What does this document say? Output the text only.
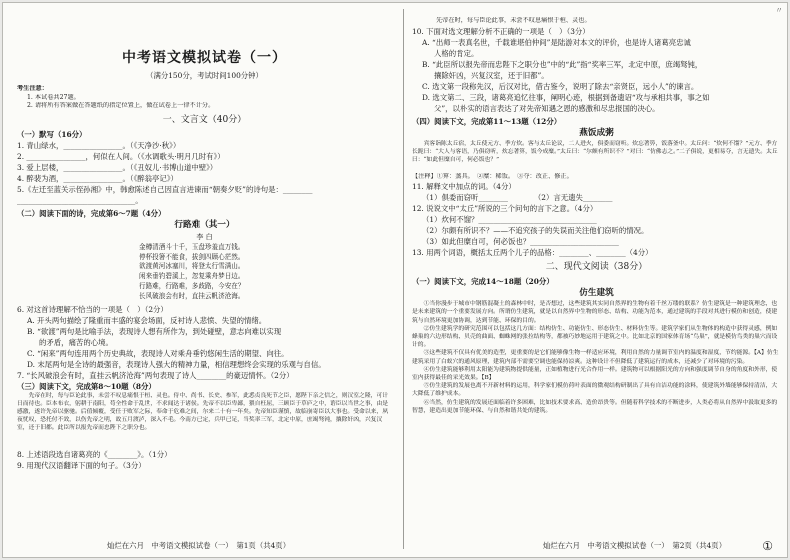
〃
中考语文模拟试卷（一）
（满分150分，考试时间100分钟）
考生注意：
1. 本试卷共27题。
2. 请将所有答案做在答题纸的指定位置上，做在试卷上一律不计分。
一、文言文（40分）
（一）默写（16分）
1. 青山绿水，________________。（《天净沙·秋》）
2. ________________，何似在人间。（《水调歌头·明月几时有》）
3. 爱上层楼，________________。（《丑奴儿·书博山道中壁》）
4. 醉裴为酒，________________。（《醉翁亭记》）
5.《左迁至蓝关示侄孙湘》中，韩愈陈述自己因直言进谏而“朝奏夕贬”的诗句是：________
________________________________。
（二）阅读下面的诗，完成第6～7题（4分）
行路难（其一）
李 白
金樽清酒斗十千，玉盘珍羞直万钱。
停杯投箸不能食，拔剑四顾心茫然。
欲渡黄河冰塞川，将登太行雪满山。
闲来垂钓碧溪上，忽复乘舟梦日边。
行路难，行路难，多歧路，今安在？
长风破浪会有时，直挂云帆济沧海。
6. 对这首诗理解不恰当的一项是（　）（2分）
A. 开头两句描绘了隆重而丰盛的宴会场面，反衬诗人悲愤、失望的情绪。
B. “欲渡”两句是比喻手法，表现诗人想有所作为，到处碰壁，意志向难以实现
的矛盾，痛苦的心境。
C. “闲来”两句连用两个历史典故，表现诗人对乘舟垂钓悠闲生活的期望、向往。
D. 末尾两句是全诗的最强音，表现诗人强大的精神力量，相信理想终会实现的乐观与自信。
7. “长风破浪会有时，直挂云帆济沧海”两句表现了诗人________的豪迈情怀。（2分）
（三）阅读下文，完成第8～10题（8分）
　　先帝在时，每与臣论此事，未尝不叹息痛恨于桓、灵也。侍中、尚书、长史、参军，此悉贞良死节之臣，愿陛下亲之信之，则汉室之隆，可计日而待也。臣本布衣，躬耕于南阳，苟全性命于乱世，不求闻达于诸侯。先帝不以臣卑鄙，猥自枉屈，三顾臣于草庐之中，谘臣以当世之事，由是感激，遂许先帝以驱驰。后值倾覆，受任于败军之际，奉命于危难之间，尔来二十有一年矣。先帝知臣谨慎，故临崩寄臣以大事也。受命以来，夙夜忧叹，恐托付不效，以伤先帝之明，故五月渡泸，深入不毛。今南方已定，兵甲已足，当奖率三军，北定中原，庶竭驽钝，攘除奸凶，兴复汉室，还于旧都。此臣所以报先帝而忠陛下之职分也。
8. 上述语段选自诸葛亮的《________》。（1分）
9. 用现代汉语翻译下面的句子。（3分）
先帝在时，每与臣论此事，未尝不叹息痛恨于桓、灵也。
10. 下面对选文理解分析不正确的一项是（　）（3分）
A. “出师一表真名世，千载谁堪伯仲间”是陆游对本文的评价，也是诗人诸葛亮忠诚
人格的肯定。
B. “此臣所以报先帝而忠陛下之职分也”中的“此”指“奖率三军，北定中原，庶竭驽钝，
攘除奸凶，兴复汉室，还于旧都”。
C. 选文第一段称先汉，后汉对比，借古鉴今，说明了除去“亲贤臣，远小人”的谏言。
D. 选文第二、三段，诸葛亮追忆往事，阐明心迹，根据到备遗诏“攻与承相共事，事之如
父”，以朴实的语言表达了对先帝知遇之恩的感激和尽忠报国的决心。
（四）阅读下文，完成第11～13题（12分）
燕饭成粥
　　宾客诣陈太丘宿，太丘使元方、季方炊。客与太丘论议，二人进火，俱委而窃听。炊忘著箅，饭落釜中。太丘问：“炊何不馏？”元方、季方长跪曰：“大人与客语，乃俱窃听，炊忘著箅，饭今成糜。”太丘曰：“尔颇有所识不？”对曰：“仿佛志之。”二子俱说，更相易夺，言无遗失。太丘曰：“如此但糜自可，何必饭也？”
【注释】①箅：蒸具。　②糜：稀饭。　③夺：改正、修正。
11. 解释文中加点的词。（4分）
（1）俱委而窃听________　　　　（2）言无遗失________
12. 说说文中“太丘”所说的三个问句的言下之意。（4分）
（1）炊何不馏？________________________________
（2）尔颇有所识不？——不追究孩子的失误而关注他们窃听的情况。
（3）如此但糜自可，何必饭也？________________________
13. 用两个词语，概括太丘两个儿子的品格：________、________（4分）
二、现代文阅读（38分）
（一）阅读下文，完成14～18题（20分）
仿生建筑
　　①当你漫步于城市中钢筋混凝土的森林中时，是否想过，这些建筑其实同自然界的生物有着千丝万缕的联系？仿生建筑是一种建筑理念，也是未来建筑的一个重要发展方向。所谓仿生建筑，就是以自然界中生物的形态、结构、功能为范本，通过建筑的手段对其进行模仿和创造，使建筑与自然环境更加协调，达到节能、环保的目的。
　　②仿生建筑学的研究范围可以包括这几方面：结构仿生、功能仿生、形态仿生、材料仿生等。建筑学家们从生物体的构造中获得灵感，例如蜂巢的六边形结构、贝壳的曲面、蜘蛛网的张拉结构等，都被巧妙地运用于建筑之中。比如北京的国家体育场“鸟巢”，就是模仿鸟类的巢穴而设计的。
　　③这些建筑不仅具有优美的造型，更重要的是它们能够像生物一样适应环境，利用自然的力量调节室内的温度和湿度，节约能源。【A】仿生建筑采用了白蚁穴的通风原理，建筑内部不需要空调也能保持凉爽。这种设计不但降低了建筑运行的成本，还减少了对环境的污染。
　　④仿生建筑能够利用太阳能为建筑物提供能量，正如植物进行光合作用一样。建筑物可以根据阳光的方向和强度调节自身的角度和外形，使室内获得最佳的采光效果。【B】
　　⑤仿生建筑的发展也离不开新材料的运用，科学家们模仿荷叶表面的微观结构研制出了具有自洁功能的涂料，使建筑外墙能够保持清洁，大大降低了维护成本。
　　⑥当然，仿生建筑的发展还面临着许多困难，比如技术要求高、造价昂贵等。但随着科学技术的不断进步，人类必将从自然界中汲取更多的智慧，建造出更加节能环保、与自然和谐共处的建筑。
灿烂在六月　中考语文模拟试卷（一）　第1页（共4页）	灿烂在六月　中考语文模拟试卷（一）　第2页（共4页）	①
